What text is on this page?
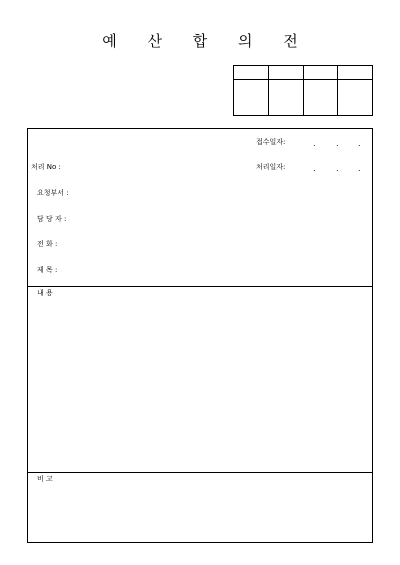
예 산 합 의 전

접수일자:	.	. .
처리 No :	처리일자:	.	. .
요청부서 :
담 당 자 :
전 화 :
제 목 :
내 용
비 고
